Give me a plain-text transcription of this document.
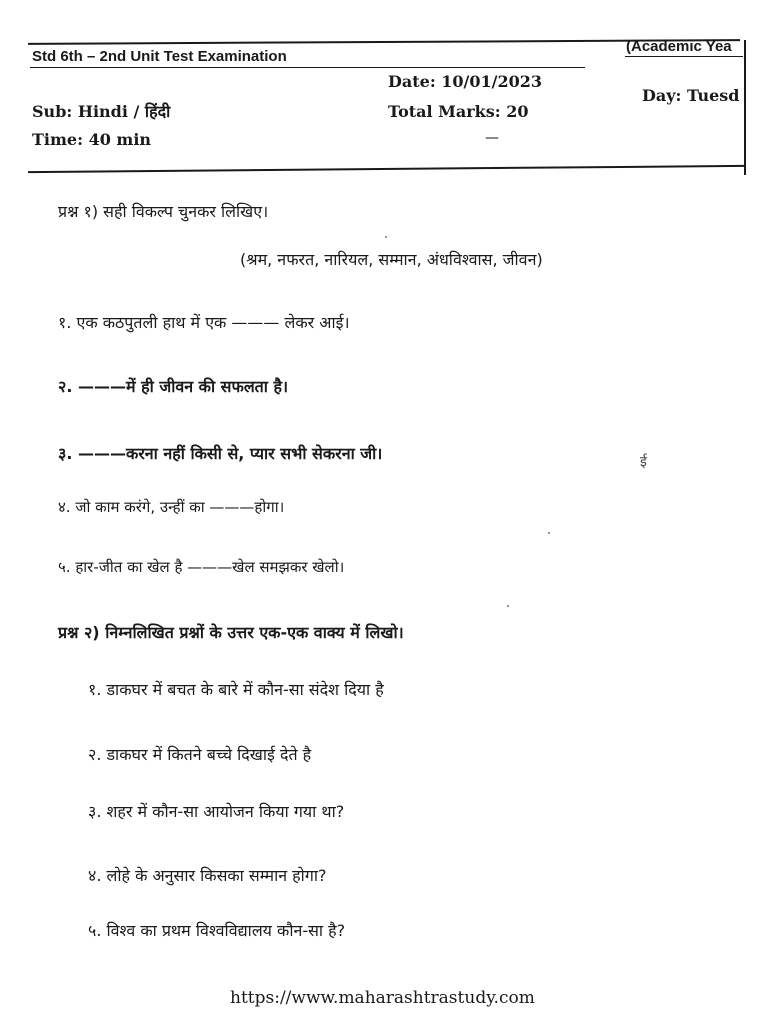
Std 6th – 2nd Unit Test Examination
(Academic Yea
Date: 10/01/2023
Day: Tuesd
Sub: Hindi / हिंदी	Total Marks: 20
Time: 40 min	—
प्रश्न १) सही विकल्प चुनकर लिखिए।
(श्रम, नफरत, नारियल, सम्मान, अंधविश्वास, जीवन)
१. एक कठपुतली हाथ में एक ——— लेकर आई।
२. ———में ही जीवन की सफलता है।
३. ———करना नहीं किसी से, प्यार सभी सेकरना जी।
४. जो काम करंगे, उन्हीं का ———होगा।
५. हार-जीत का खेल है ———खेल समझकर खेलो।
प्रश्न २) निम्नलिखित प्रश्नों के उत्तर एक-एक वाक्य में लिखो।
१. डाकघर में बचत के बारे में कौन-सा संदेश दिया है
२. डाकघर में कितने बच्चे दिखाई देते है
३. शहर में कौन-सा आयोजन किया गया था?
४. लोहे के अनुसार किसका सम्मान होगा?
५. विश्व का प्रथम विश्वविद्यालय कौन-सा है?
ई
https://www.maharashtrastudy.com
